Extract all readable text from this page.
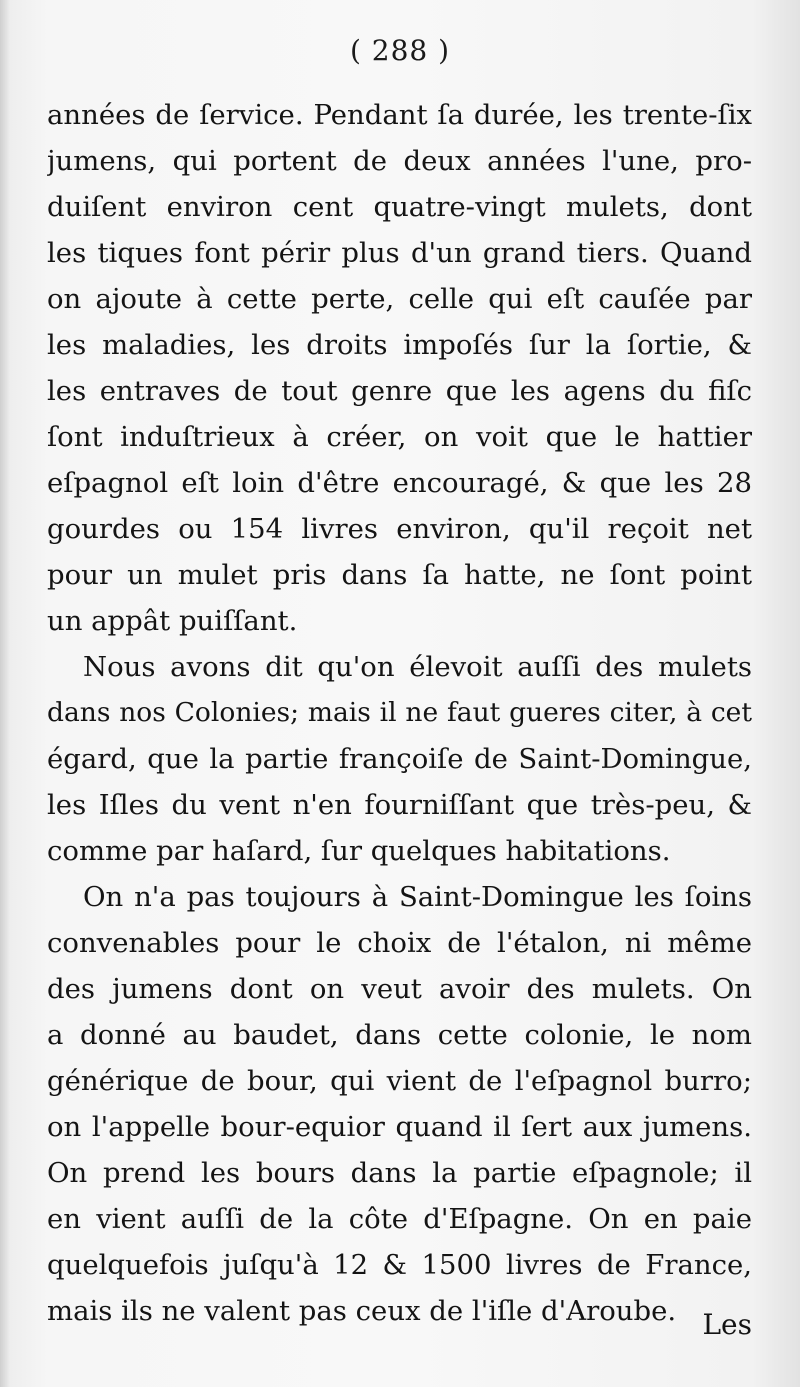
( 288 )
années de ſervice. Pendant ſa durée, les trente-ſix
jumens, qui portent de deux années l'une, pro-
duiſent environ cent quatre-vingt mulets, dont
les tiques font périr plus d'un grand tiers. Quand
on ajoute à cette perte, celle qui eſt cauſée par
les maladies, les droits impoſés ſur la ſortie, &
les entraves de tout genre que les agens du fiſc
ſont induſtrieux à créer, on voit que le hattier
eſpagnol eſt loin d'être encouragé, & que les 28
gourdes ou 154 livres environ, qu'il reçoit net
pour un mulet pris dans ſa hatte, ne ſont point
un appât puiſſant.
Nous avons dit qu'on élevoit auſſi des mulets
dans nos Colonies; mais il ne faut gueres citer, à cet
égard, que la partie françoiſe de Saint-Domingue,
les Iſles du vent n'en fourniſſant que très-peu, &
comme par haſard, ſur quelques habitations.
On n'a pas toujours à Saint-Domingue les ſoins
convenables pour le choix de l'étalon, ni même
des jumens dont on veut avoir des mulets. On
a donné au baudet, dans cette colonie, le nom
générique de bour, qui vient de l'eſpagnol burro;
on l'appelle bour-equior quand il ſert aux jumens.
On prend les bours dans la partie eſpagnole; il
en vient auſſi de la côte d'Eſpagne. On en paie
quelquefois juſqu'à 12 & 1500 livres de France,
mais ils ne valent pas ceux de l'iſle d'Aroube. Les
